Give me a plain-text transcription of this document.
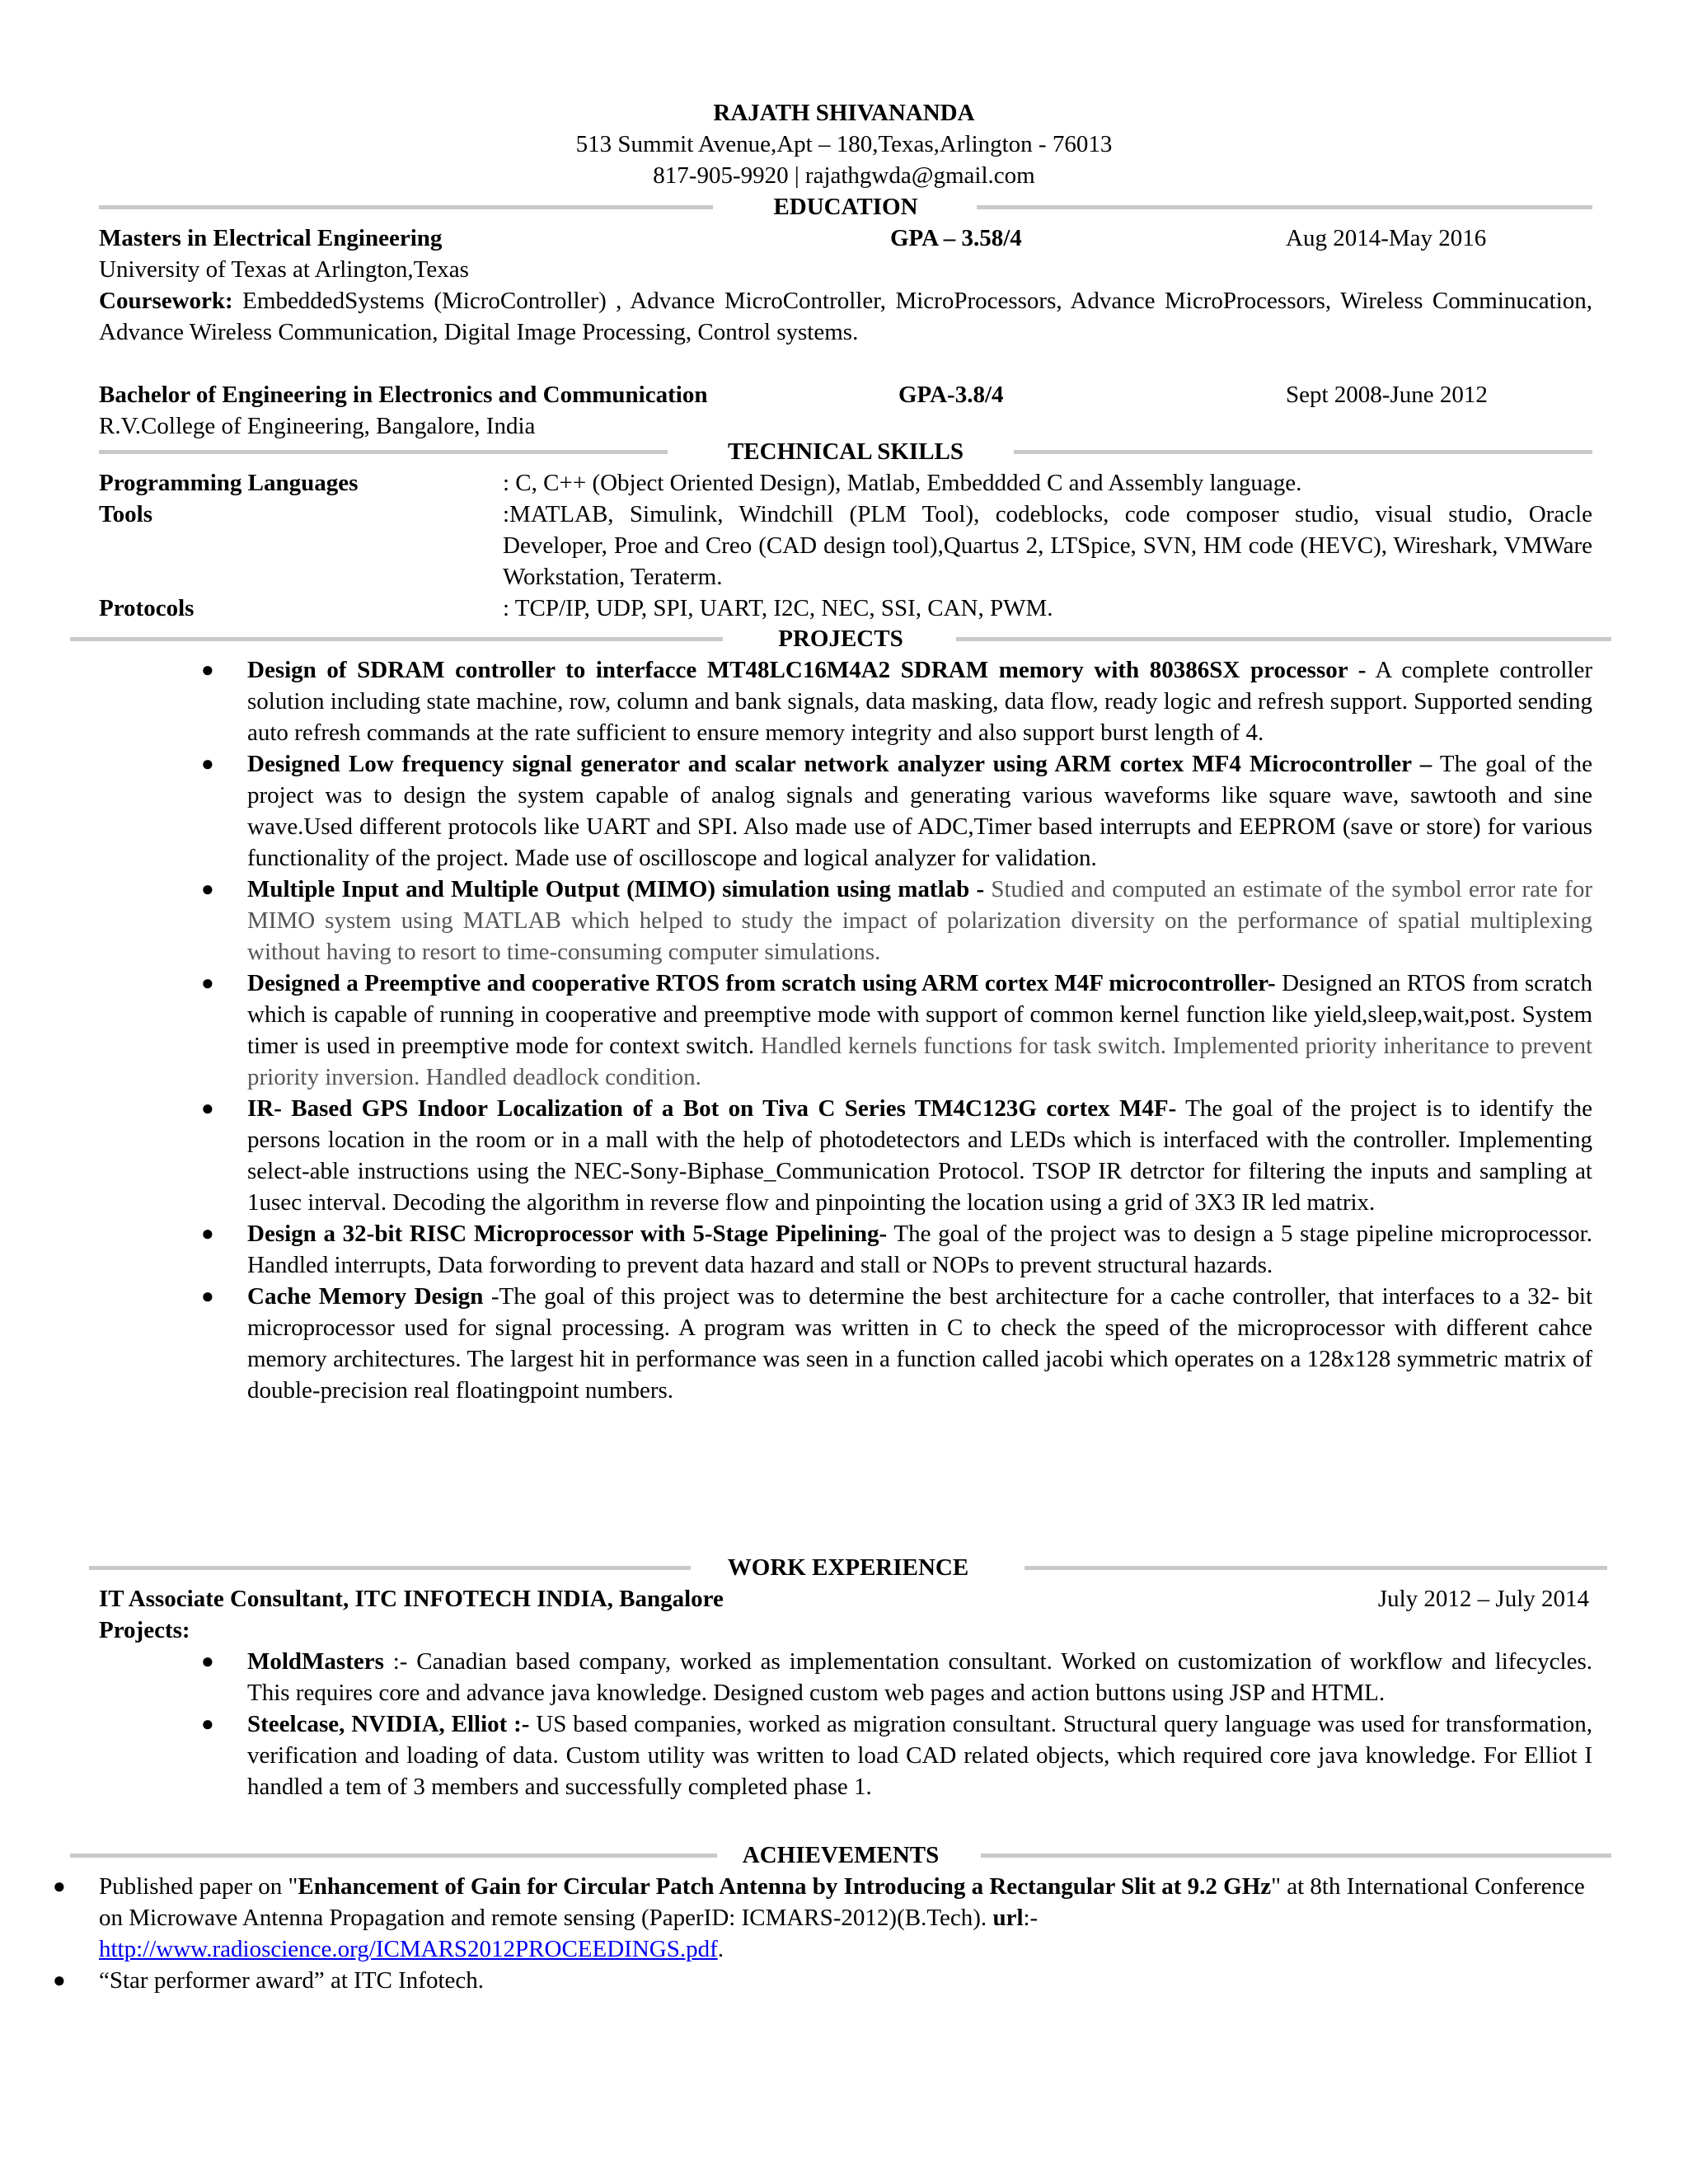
RAJATH SHIVANANDA
513 Summit Avenue,Apt – 180,Texas,Arlington - 76013
817-905-9920 | rajathgwda@gmail.com
EDUCATION
Masters in Electrical Engineering	GPA – 3.58/4	Aug 2014-May 2016
University of Texas at Arlington,Texas
Coursework: EmbeddedSystems (MicroController) , Advance MicroController, MicroProcessors, Advance MicroProcessors, Wireless Comminucation, Advance Wireless Communication, Digital Image Processing, Control systems.
Bachelor of Engineering in Electronics and Communication	GPA-3.8/4	Sept 2008-June 2012
R.V.College of Engineering, Bangalore, India
TECHNICAL SKILLS
Programming Languages	: C, C++ (Object Oriented Design), Matlab, Embeddded C and Assembly language.
Tools	:MATLAB, Simulink, Windchill (PLM Tool), codeblocks, code composer studio, visual studio, Oracle Developer, Proe and Creo (CAD design tool),Quartus 2, LTSpice, SVN, HM code (HEVC), Wireshark, VMWare Workstation, Teraterm.
Protocols	: TCP/IP, UDP, SPI, UART, I2C, NEC, SSI, CAN, PWM.
PROJECTS
● Design of SDRAM controller to interfacce MT48LC16M4A2 SDRAM memory with 80386SX processor - A complete controller solution including state machine, row, column and bank signals, data masking, data flow, ready logic and refresh support. Supported sending auto refresh commands at the rate sufficient to ensure memory integrity and also support burst length of 4.
● Designed Low frequency signal generator and scalar network analyzer using ARM cortex MF4 Microcontroller – The goal of the project was to design the system capable of analog signals and generating various waveforms like square wave, sawtooth and sine wave.Used different protocols like UART and SPI. Also made use of ADC,Timer based interrupts and EEPROM (save or store) for various functionality of the project. Made use of oscilloscope and logical analyzer for validation.
● Multiple Input and Multiple Output (MIMO) simulation using matlab - Studied and computed an estimate of the symbol error rate for MIMO system using MATLAB which helped to study the impact of polarization diversity on the performance of spatial multiplexing without having to resort to time-consuming computer simulations.
● Designed a Preemptive and cooperative RTOS from scratch using ARM cortex M4F microcontroller- Designed an RTOS from scratch which is capable of running in cooperative and preemptive mode with support of common kernel function like yield,sleep,wait,post. System timer is used in preemptive mode for context switch. Handled kernels functions for task switch. Implemented priority inheritance to prevent priority inversion. Handled deadlock condition.
● IR- Based GPS Indoor Localization of a Bot on Tiva C Series TM4C123G cortex M4F- The goal of the project is to identify the persons location in the room or in a mall with the help of photodetectors and LEDs which is interfaced with the controller. Implementing select-able instructions using the NEC-Sony-Biphase_Communication Protocol. TSOP IR detrctor for filtering the inputs and sampling at 1usec interval. Decoding the algorithm in reverse flow and pinpointing the location using a grid of 3X3 IR led matrix.
● Design a 32-bit RISC Microprocessor with 5-Stage Pipelining- The goal of the project was to design a 5 stage pipeline microprocessor. Handled interrupts, Data forwording to prevent data hazard and stall or NOPs to prevent structural hazards.
● Cache Memory Design -The goal of this project was to determine the best architecture for a cache controller, that interfaces to a 32- bit microprocessor used for signal processing. A program was written in C to check the speed of the microprocessor with different cahce memory architectures. The largest hit in performance was seen in a function called jacobi which operates on a 128x128 symmetric matrix of double-precision real floatingpoint numbers.
WORK EXPERIENCE
IT Associate Consultant, ITC INFOTECH INDIA, Bangalore	July 2012 – July 2014
Projects:
● MoldMasters :- Canadian based company, worked as implementation consultant. Worked on customization of workflow and lifecycles. This requires core and advance java knowledge. Designed custom web pages and action buttons using JSP and HTML.
● Steelcase, NVIDIA, Elliot :- US based companies, worked as migration consultant. Structural query language was used for transformation, verification and loading of data. Custom utility was written to load CAD related objects, which required core java knowledge. For Elliot I handled a tem of 3 members and successfully completed phase 1.
ACHIEVEMENTS
● Published paper on "Enhancement of Gain for Circular Patch Antenna by Introducing a Rectangular Slit at 9.2 GHz" at 8th International Conference on Microwave Antenna Propagation and remote sensing (PaperID: ICMARS-2012)(B.Tech). url:-
http://www.radioscience.org/ICMARS2012PROCEEDINGS.pdf.
● “Star performer award” at ITC Infotech.
